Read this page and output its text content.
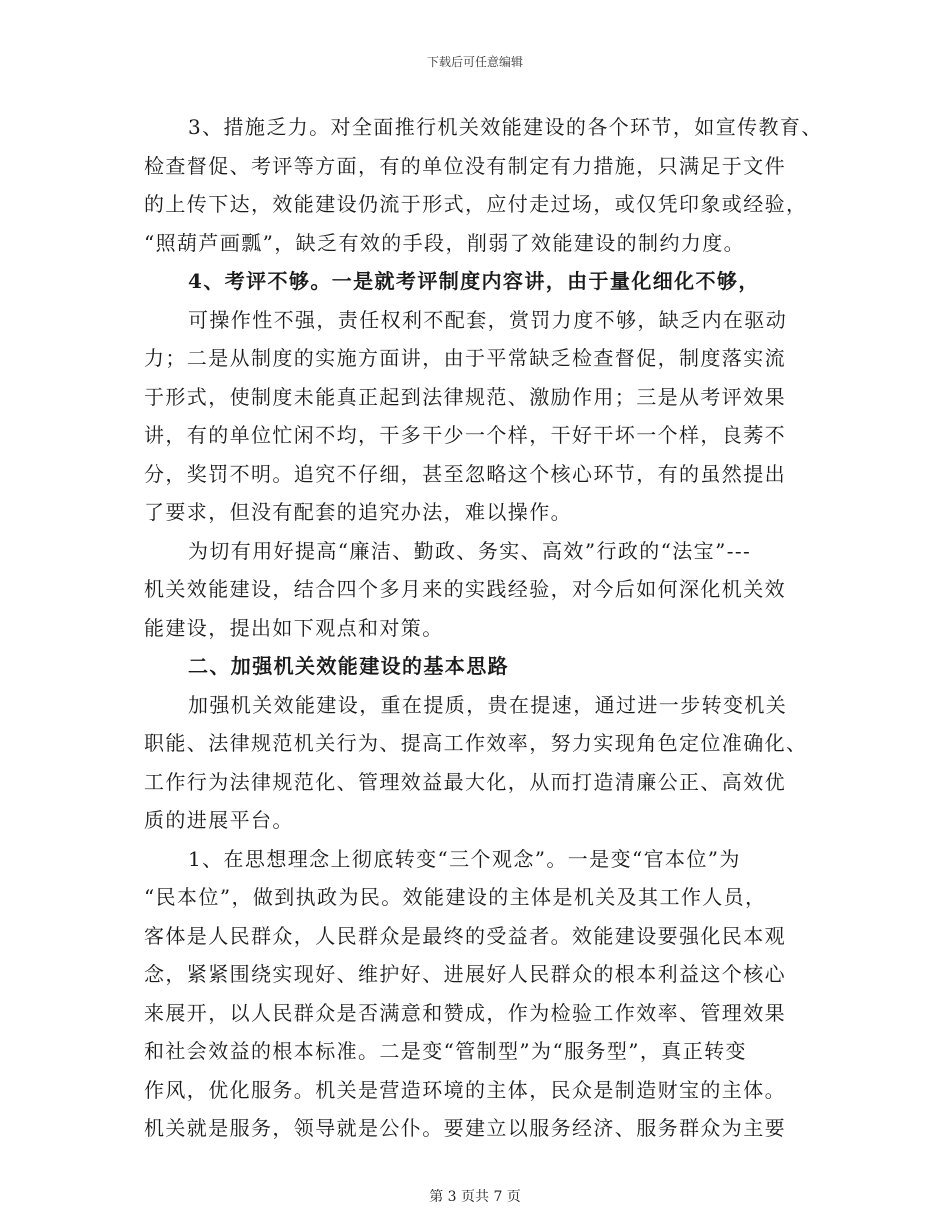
下载后可任意编辑
3、措施乏力。对全面推行机关效能建设的各个环节，如宣传教育、
检查督促、考评等方面，有的单位没有制定有力措施，只满足于文件
的上传下达，效能建设仍流于形式，应付走过场，或仅凭印象或经验，
“照葫芦画瓢”，缺乏有效的手段，削弱了效能建设的制约力度。
4、考评不够。一是就考评制度内容讲，由于量化细化不够，
可操作性不强，责任权利不配套，赏罚力度不够，缺乏内在驱动
力；二是从制度的实施方面讲，由于平常缺乏检查督促，制度落实流
于形式，使制度未能真正起到法律规范、激励作用；三是从考评效果
讲，有的单位忙闲不均，干多干少一个样，干好干坏一个样，良莠不
分，奖罚不明。追究不仔细，甚至忽略这个核心环节，有的虽然提出
了要求，但没有配套的追究办法，难以操作。
为切有用好提高“廉洁、勤政、务实、高效”行政的“法宝”---
机关效能建设，结合四个多月来的实践经验，对今后如何深化机关效
能建设，提出如下观点和对策。
二、加强机关效能建设的基本思路
加强机关效能建设，重在提质，贵在提速，通过进一步转变机关
职能、法律规范机关行为、提高工作效率，努力实现角色定位准确化、
工作行为法律规范化、管理效益最大化，从而打造清廉公正、高效优
质的进展平台。
1、在思想理念上彻底转变“三个观念”。一是变“官本位”为
“民本位”，做到执政为民。效能建设的主体是机关及其工作人员，
客体是人民群众，人民群众是最终的受益者。效能建设要强化民本观
念，紧紧围绕实现好、维护好、进展好人民群众的根本利益这个核心
来展开，以人民群众是否满意和赞成，作为检验工作效率、管理效果
和社会效益的根本标准。二是变“管制型”为“服务型”，真正转变
作风，优化服务。机关是营造环境的主体，民众是制造财宝的主体。
机关就是服务，领导就是公仆。要建立以服务经济、服务群众为主要
第 3 页共 7 页
